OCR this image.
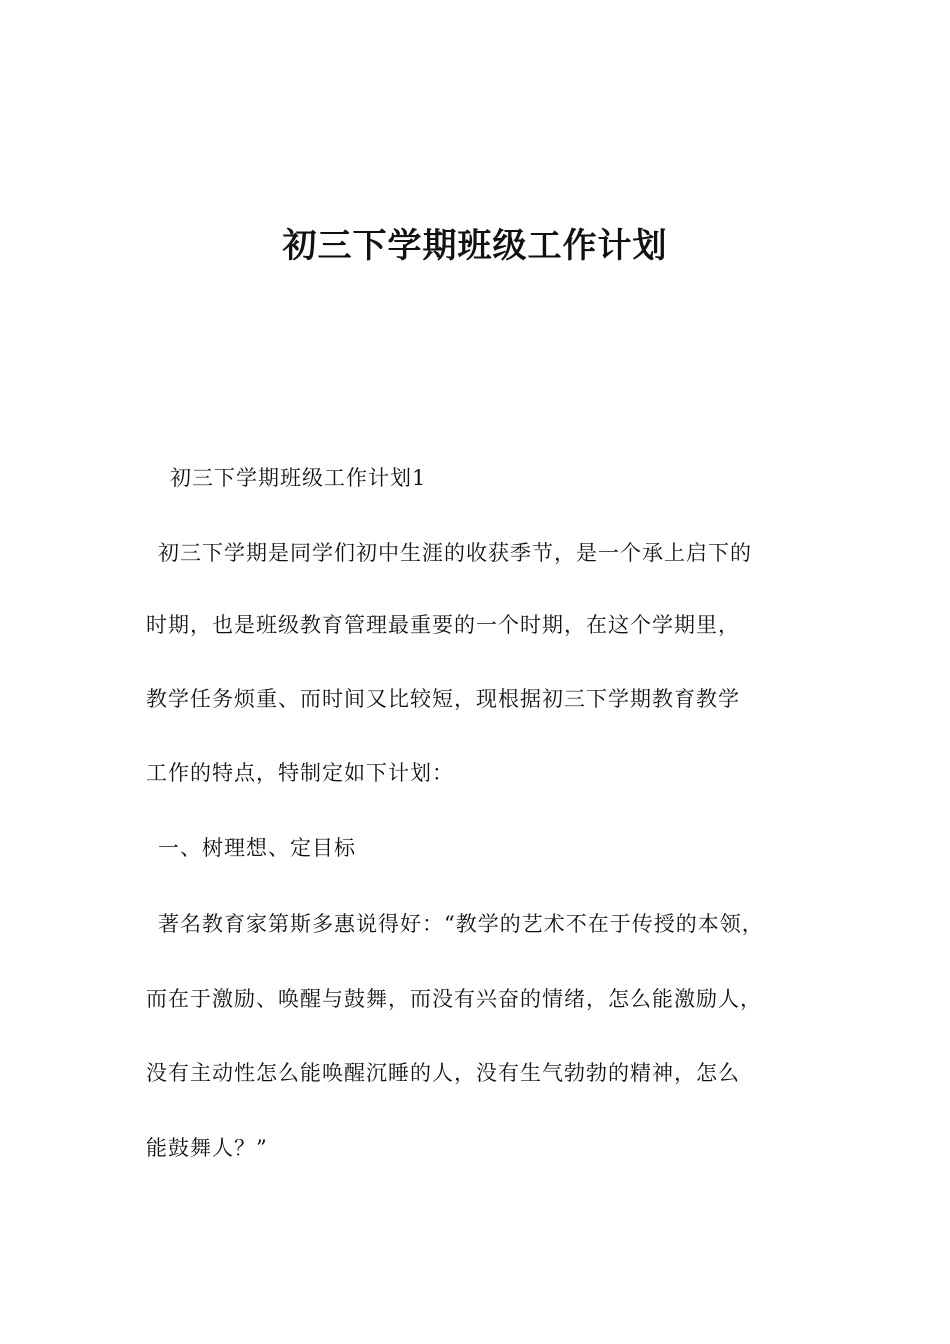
初三下学期班级工作计划
初三下学期班级工作计划1
初三下学期是同学们初中生涯的收获季节，是一个承上启下的
时期，也是班级教育管理最重要的一个时期，在这个学期里，
教学任务烦重、而时间又比较短，现根据初三下学期教育教学
工作的特点，特制定如下计划：
一、树理想、定目标
著名教育家第斯多惠说得好：“教学的艺术不在于传授的本领，
而在于激励、唤醒与鼓舞，而没有兴奋的情绪，怎么能激励人，
没有主动性怎么能唤醒沉睡的人，没有生气勃勃的精神，怎么
能鼓舞人？”
